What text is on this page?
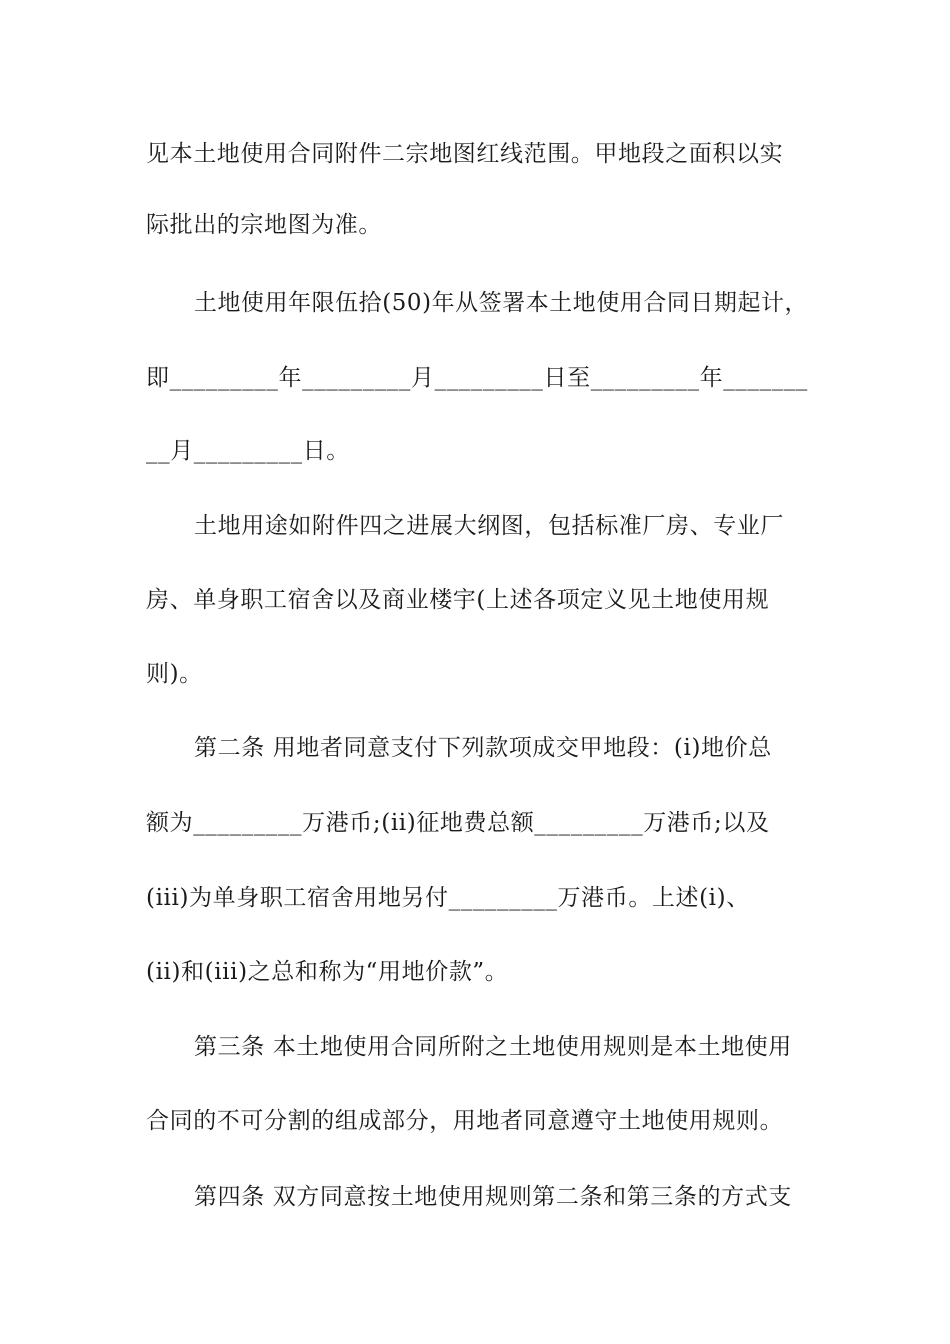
见本土地使用合同附件二宗地图红线范围。甲地段之面积以实
际批出的宗地图为准。
土地使用年限伍拾(50)年从签署本土地使用合同日期起计，
即_________年_________月_________日至_________年_______
__月_________日。
土地用途如附件四之进展大纲图，包括标准厂房、专业厂
房、单身职工宿舍以及商业楼宇(上述各项定义见土地使用规
则)。
第二条 用地者同意支付下列款项成交甲地段：(i)地价总
额为_________万港币;(ii)征地费总额_________万港币;以及
(iii)为单身职工宿舍用地另付_________万港币。上述(i)、
(ii)和(iii)之总和称为“用地价款”。
第三条 本土地使用合同所附之土地使用规则是本土地使用
合同的不可分割的组成部分，用地者同意遵守土地使用规则。
第四条 双方同意按土地使用规则第二条和第三条的方式支
